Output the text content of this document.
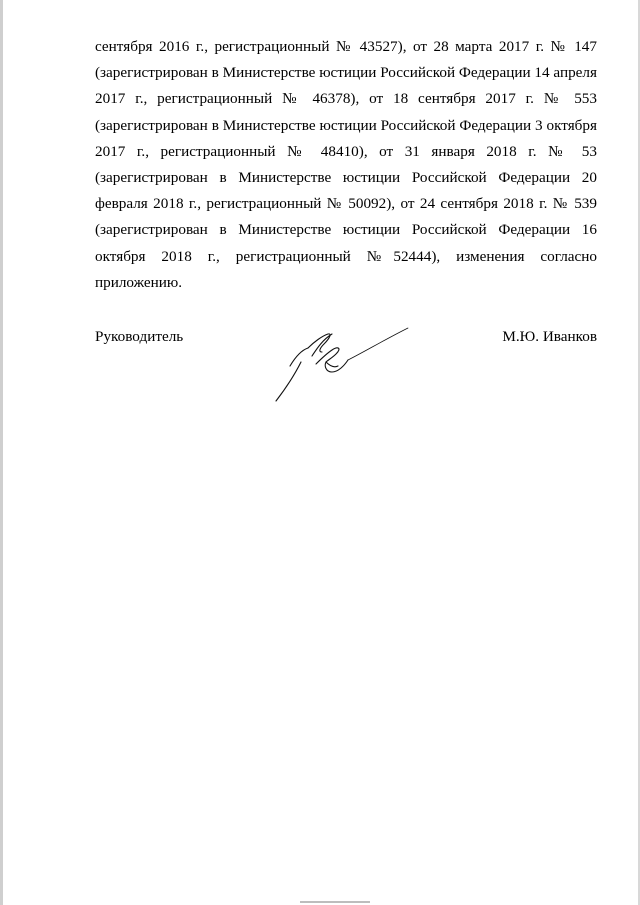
сентября 2016 г., регистрационный № 43527), от 28 марта 2017 г. № 147
(зарегистрирован в Министерстве юстиции Российской Федерации 14 апреля
2017 г., регистрационный № 46378), от 18 сентября 2017 г. № 553
(зарегистрирован в Министерстве юстиции Российской Федерации 3 октября
2017 г., регистрационный № 48410), от 31 января 2018 г. № 53
(зарегистрирован в Министерстве юстиции Российской Федерации 20
февраля 2018 г., регистрационный № 50092), от 24 сентября 2018 г. № 539
(зарегистрирован в Министерстве юстиции Российской Федерации 16
октября 2018 г., регистрационный №52444), изменения согласно
приложению.
Руководитель	М.Ю. Иванков
